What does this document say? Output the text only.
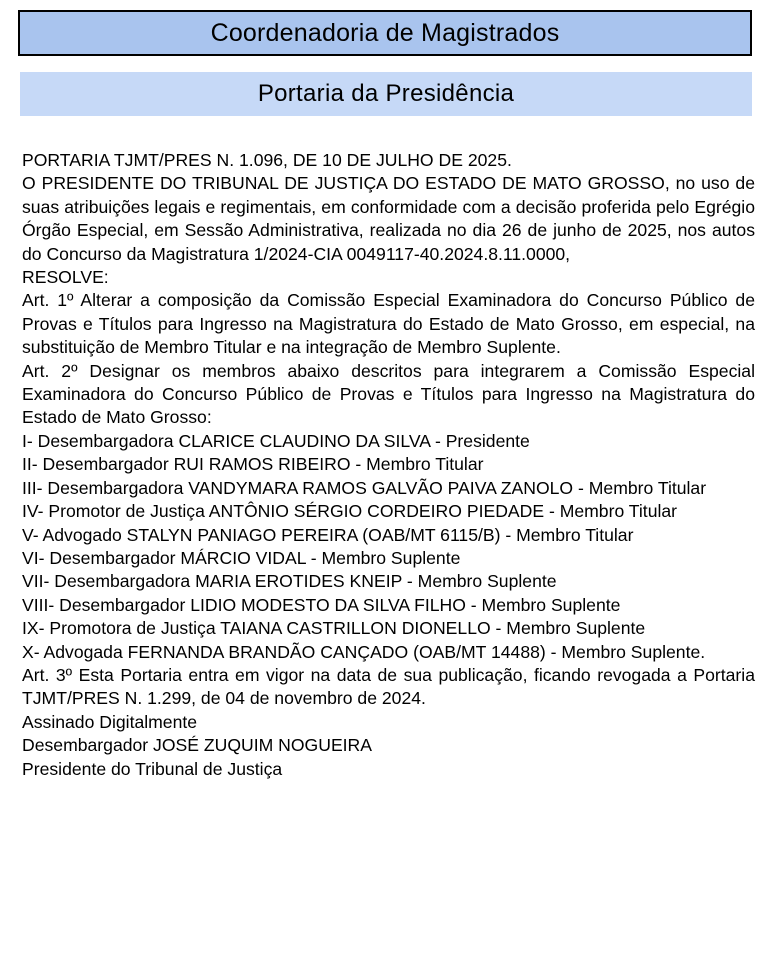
Coordenadoria de Magistrados
Portaria da Presidência

PORTARIA TJMT/PRES N. 1.096, DE 10 DE JULHO DE 2025.

O PRESIDENTE DO TRIBUNAL DE JUSTIÇA DO ESTADO DE MATO GROSSO, no uso de suas atribuições legais e regimentais, em conformidade com a decisão proferida pelo Egrégio Órgão Especial, em Sessão Administrativa, realizada no dia 26 de junho de 2025, nos autos do Concurso da Magistratura 1/2024-CIA 0049117-40.2024.8.11.0000,

RESOLVE:

Art. 1º Alterar a composição da Comissão Especial Examinadora do Concurso Público de Provas e Títulos para Ingresso na Magistratura do Estado de Mato Grosso, em especial, na substituição de Membro Titular e na integração de Membro Suplente.

Art. 2º Designar os membros abaixo descritos para integrarem a Comissão Especial Examinadora do Concurso Público de Provas e Títulos para Ingresso na Magistratura do Estado de Mato Grosso:

I- Desembargadora CLARICE CLAUDINO DA SILVA - Presidente

II- Desembargador RUI RAMOS RIBEIRO - Membro Titular

III- Desembargadora VANDYMARA RAMOS GALVÃO PAIVA ZANOLO - Membro Titular

IV- Promotor de Justiça ANTÔNIO SÉRGIO CORDEIRO PIEDADE - Membro Titular

V- Advogado STALYN PANIAGO PEREIRA (OAB/MT 6115/B) - Membro Titular

VI- Desembargador MÁRCIO VIDAL - Membro Suplente

VII- Desembargadora MARIA EROTIDES KNEIP - Membro Suplente

VIII- Desembargador LIDIO MODESTO DA SILVA FILHO - Membro Suplente

IX- Promotora de Justiça TAIANA CASTRILLON DIONELLO - Membro Suplente

X- Advogada FERNANDA BRANDÃO CANÇADO (OAB/MT 14488) - Membro Suplente.

Art. 3º Esta Portaria entra em vigor na data de sua publicação, ficando revogada a Portaria TJMT/PRES N. 1.299, de 04 de novembro de 2024.

Assinado Digitalmente

Desembargador JOSÉ ZUQUIM NOGUEIRA

Presidente do Tribunal de Justiça
